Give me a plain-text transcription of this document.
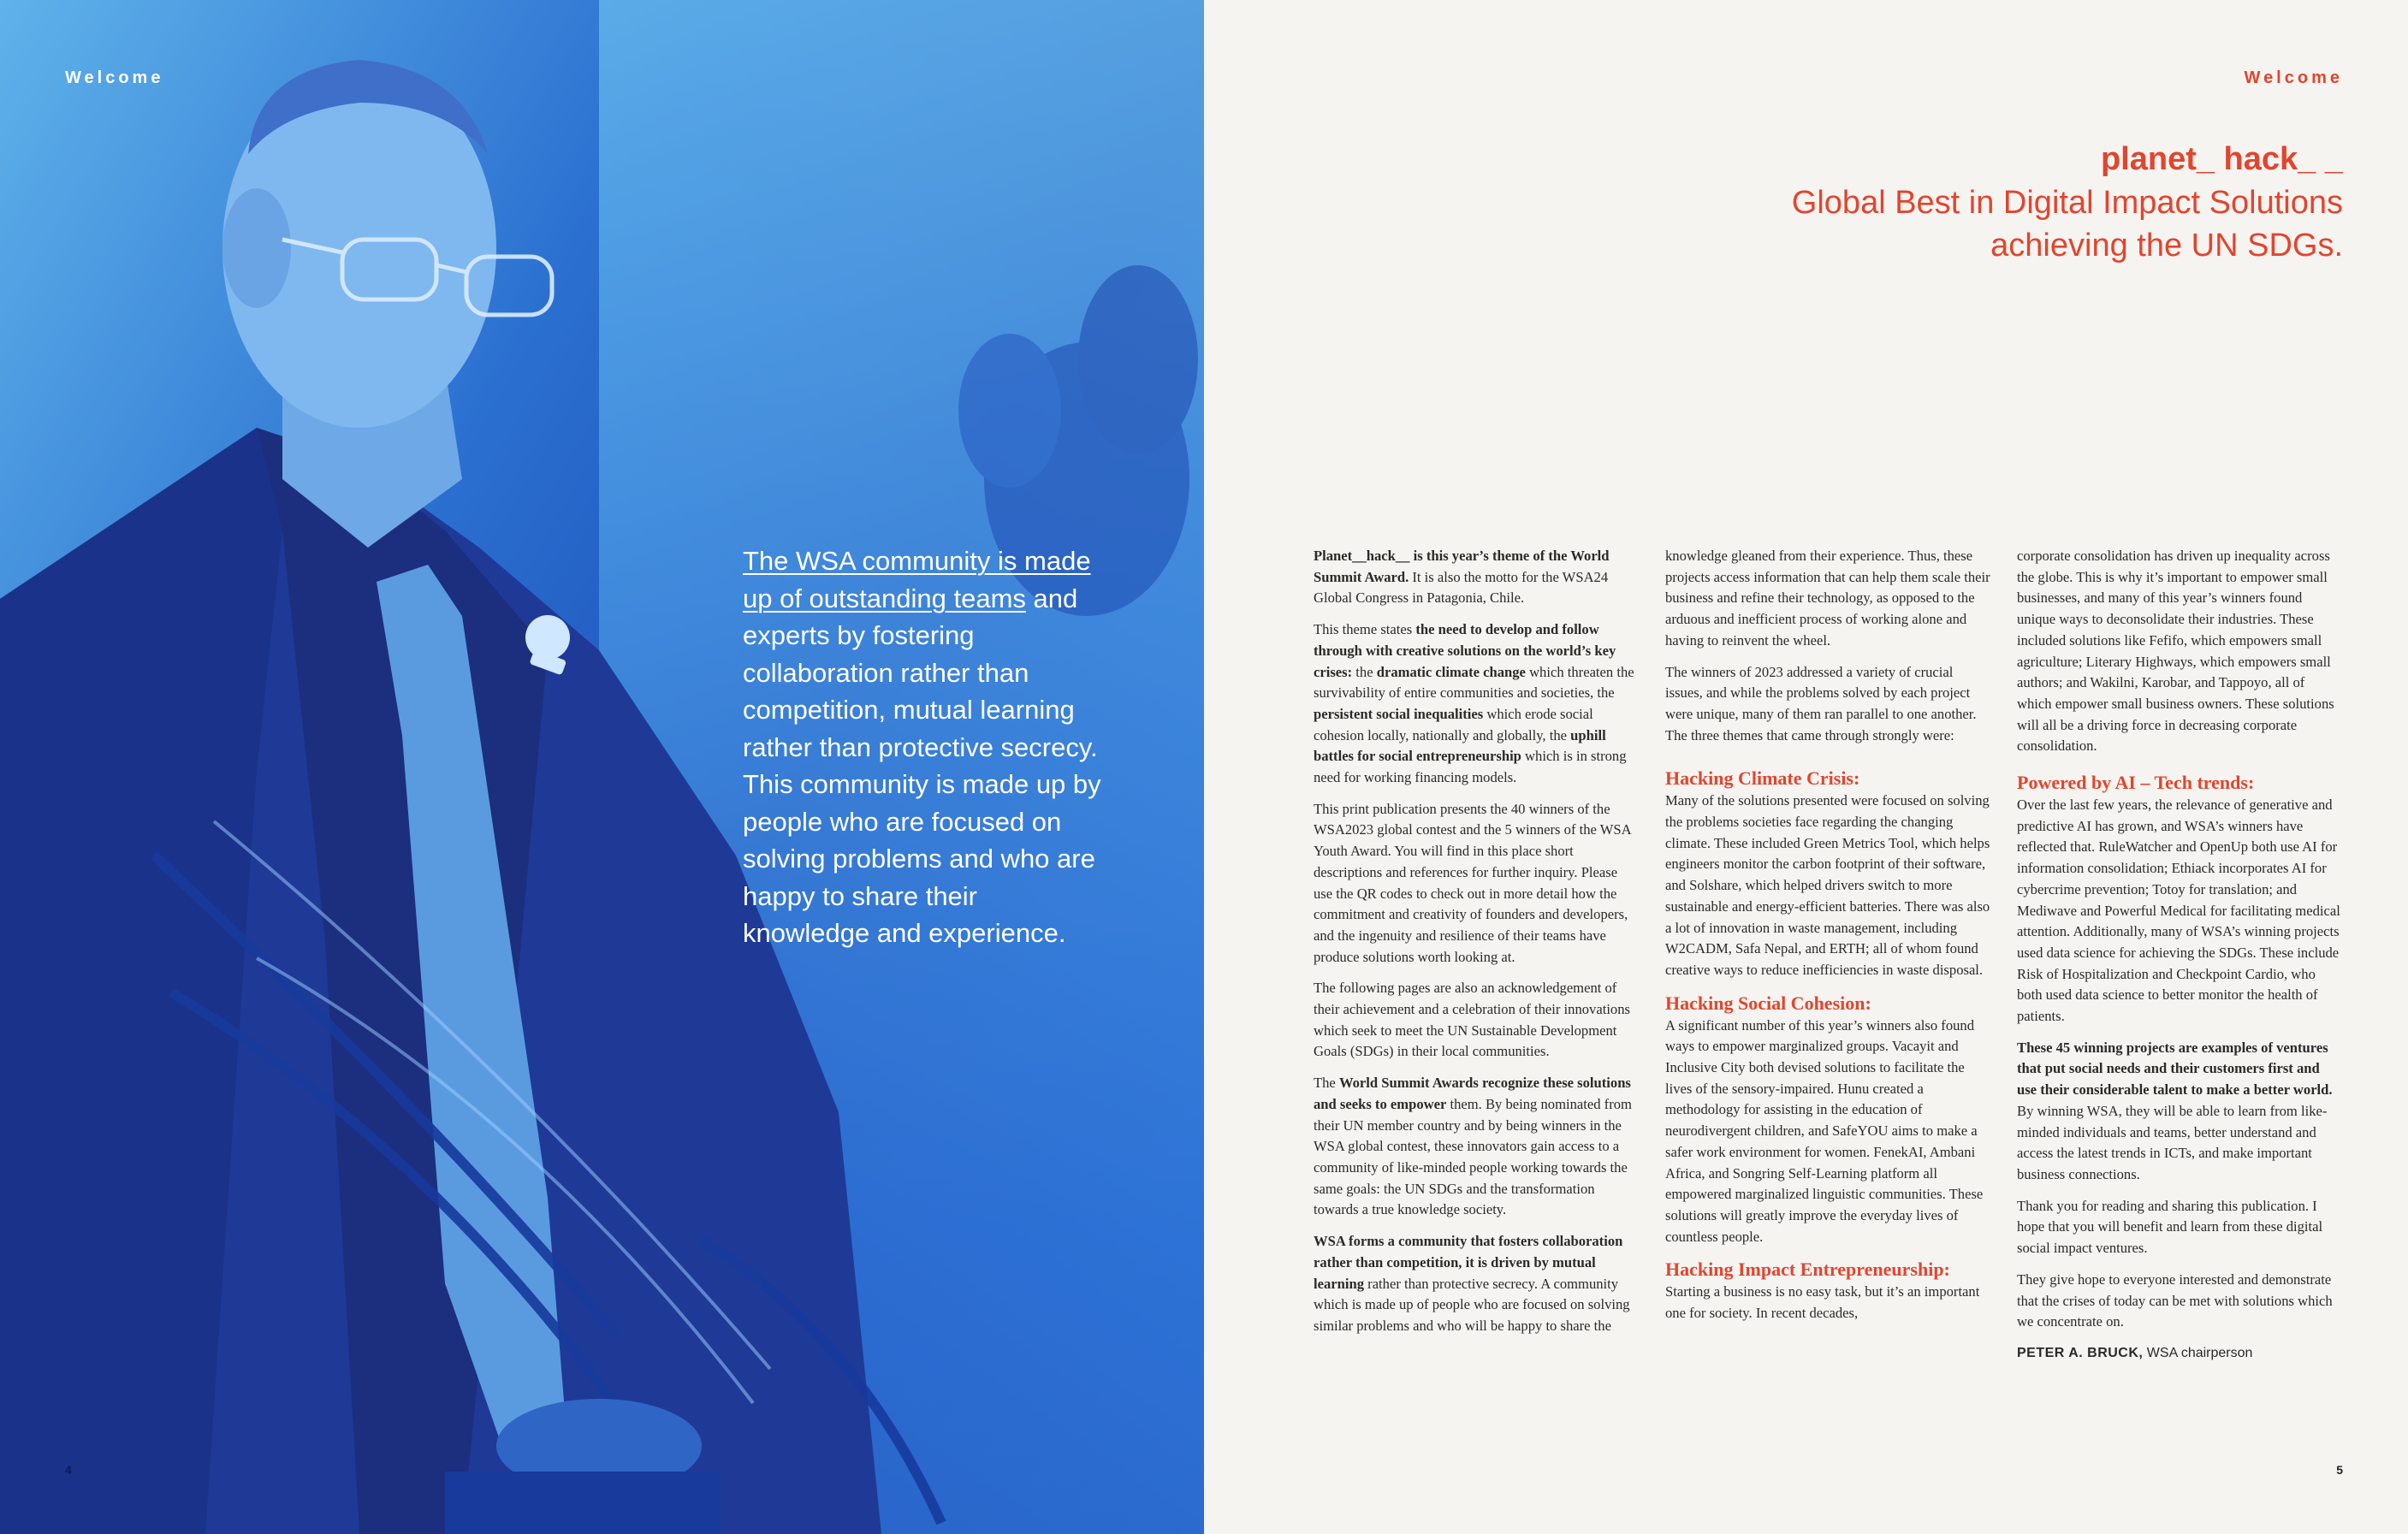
Welcome
The WSA community is made up of outstanding teams and experts by fostering collaboration rather than competition, mutual learning rather than protective secrecy. This community is made up by people who are focused on solving problems and who are happy to share their knowledge and experience.
4
Welcome
planet_ hack_ _
Global Best in Digital Impact Solutions
achieving the UN SDGs.

Planet__hack__ is this year’s theme of the World Summit Award. It is also the motto for the WSA24 Global Congress in Patagonia, Chile.

This theme states the need to develop and follow through with creative solutions on the world’s key crises: the dramatic climate change which threaten the survivability of entire communities and societies, the persistent social inequalities which erode social cohesion locally, nationally and globally, the uphill battles for social entrepreneurship which is in strong need for working financing models.

This print publication presents the 40 winners of the WSA2023 global contest and the 5 winners of the WSA Youth Award. You will find in this place short descriptions and references for further inquiry. Please use the QR codes to check out in more detail how the commitment and creativity of founders and developers, and the ingenuity and resilience of their teams have produce solutions worth looking at.

The following pages are also an acknowledgement of their achievement and a celebration of their innovations which seek to meet the UN Sustainable Development Goals (SDGs) in their local communities.

The World Summit Awards recognize these solutions and seeks to empower them. By being nominated from their UN member country and by being winners in the WSA global contest, these innovators gain access to a community of like-minded people working towards the same goals: the UN SDGs and the transformation towards a true knowledge society.

WSA forms a community that fosters collaboration rather than competition, it is driven by mutual learning rather than protective secrecy. A community which is made up of people who are focused on solving similar problems and who will be happy to share the

knowledge gleaned from their experience. Thus, these projects access information that can help them scale their business and refine their technology, as opposed to the arduous and inefficient process of working alone and having to reinvent the wheel.

The winners of 2023 addressed a variety of crucial issues, and while the problems solved by each project were unique, many of them ran parallel to one another. The three themes that came through strongly were:

Hacking Climate Crisis:

Many of the solutions presented were focused on solving the problems societies face regarding the changing climate. These included Green Metrics Tool, which helps engineers monitor the carbon footprint of their software, and Solshare, which helped drivers switch to more sustainable and energy-efficient batteries. There was also a lot of innovation in waste management, including W2CADM, Safa Nepal, and ERTH; all of whom found creative ways to reduce inefficiencies in waste disposal.

Hacking Social Cohesion:

A significant number of this year’s winners also found ways to empower marginalized groups. Vacayit and Inclusive City both devised solutions to facilitate the lives of the sensory-impaired. Hunu created a methodology for assisting in the education of neurodivergent children, and SafeYOU aims to make a safer work environment for women. FenekAI, Ambani Africa, and Songring Self-Learning platform all empowered marginalized linguistic communities. These solutions will greatly improve the everyday lives of countless people.

Hacking Impact Entrepreneurship:

Starting a business is no easy task, but it’s an important one for society. In recent decades,

corporate consolidation has driven up inequality across the globe. This is why it’s important to empower small businesses, and many of this year’s winners found unique ways to deconsolidate their industries. These included solutions like Fefifo, which empowers small agriculture; Literary Highways, which empowers small authors; and Wakilni, Karobar, and Tappoyo, all of which empower small business owners. These solutions will all be a driving force in decreasing corporate consolidation.

Powered by AI – Tech trends:

Over the last few years, the relevance of generative and predictive AI has grown, and WSA’s winners have reflected that. RuleWatcher and OpenUp both use AI for information consolidation; Ethiack incorporates AI for cybercrime prevention; Totoy for translation; and Mediwave and Powerful Medical for facilitating medical attention. Additionally, many of WSA’s winning projects used data science for achieving the SDGs. These include Risk of Hospitalization and Checkpoint Cardio, who both used data science to better monitor the health of patients.

These 45 winning projects are examples of ventures that put social needs and their customers first and use their considerable talent to make a better world. By winning WSA, they will be able to learn from like-minded individuals and teams, better understand and access the latest trends in ICTs, and make important business connections.

Thank you for reading and sharing this publication. I hope that you will benefit and learn from these digital social impact ventures.

They give hope to everyone interested and demonstrate that the crises of today can be met with solutions which we concentrate on.

PETER A. BRUCK, WSA chairperson

5
